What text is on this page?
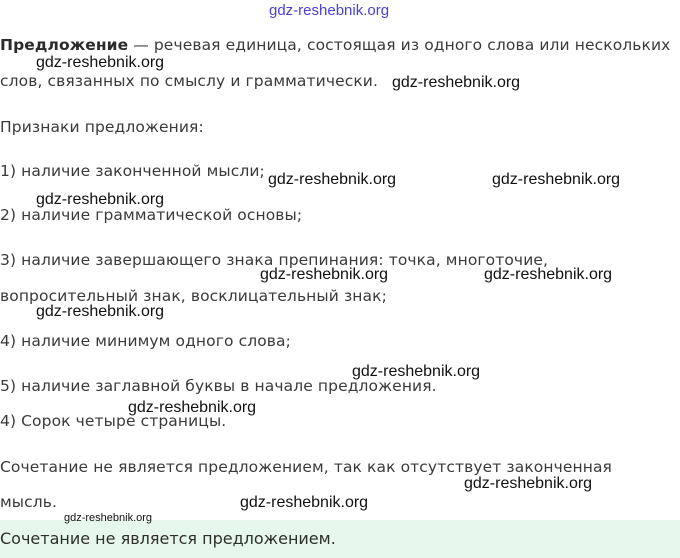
gdz-reshebnik.org
Предложение — речевая единица, состоящая из одного слова или нескольких
слов, связанных по смыслу и грамматически.
Признаки предложения:
1) наличие законченной мысли;
2) наличие грамматической основы;
3) наличие завершающего знака препинания: точка, многоточие,
вопросительный знак, восклицательный знак;
4) наличие минимум одного слова;
5) наличие заглавной буквы в начале предложения.
4) Сорок четыре страницы.
Сочетание не является предложением, так как отсутствует законченная
мысль.
Сочетание не является предложением.
gdz-reshebnik.org
gdz-reshebnik.org
gdz-reshebnik.org	gdz-reshebnik.org
gdz-reshebnik.org
gdz-reshebnik.org	gdz-reshebnik.org
gdz-reshebnik.org
gdz-reshebnik.org
gdz-reshebnik.org
gdz-reshebnik.org
gdz-reshebnik.org
gdz-reshebnik.org
